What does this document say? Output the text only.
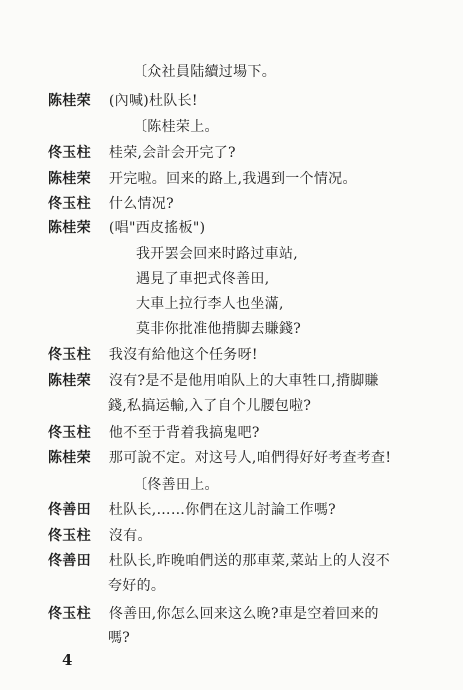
〔众社員陆續过場下。
陈桂荣 (內喊)杜队长!
〔陈桂荣上。
佟玉柱 桂荣,会計会开完了?
陈桂荣 开完啦。回来的路上,我遇到一个情况。
佟玉柱 什么情况?
陈桂荣 (唱"西皮搖板")
我开罢会回来时路过車站,
遇見了車把式佟善田,
大車上拉行李人也坐滿,
莫非你批准他揹脚去賺錢?
佟玉柱 我沒有給他这个任务呀!
陈桂荣 沒有?是不是他用咱队上的大車牲口,揹脚賺
錢,私搞运輸,入了自个儿腰包啦?
佟玉柱 他不至于背着我搞鬼吧?
陈桂荣 那可說不定。对这号人,咱們得好好考查考查!
〔佟善田上。
佟善田 杜队长,……你們在这儿討論工作嗎?
佟玉柱 沒有。
佟善田 杜队长,昨晚咱們送的那車菜,菜站上的人沒不
夸好的。
佟玉柱 佟善田,你怎么回来这么晚?車是空着回来的
嗎?
4
